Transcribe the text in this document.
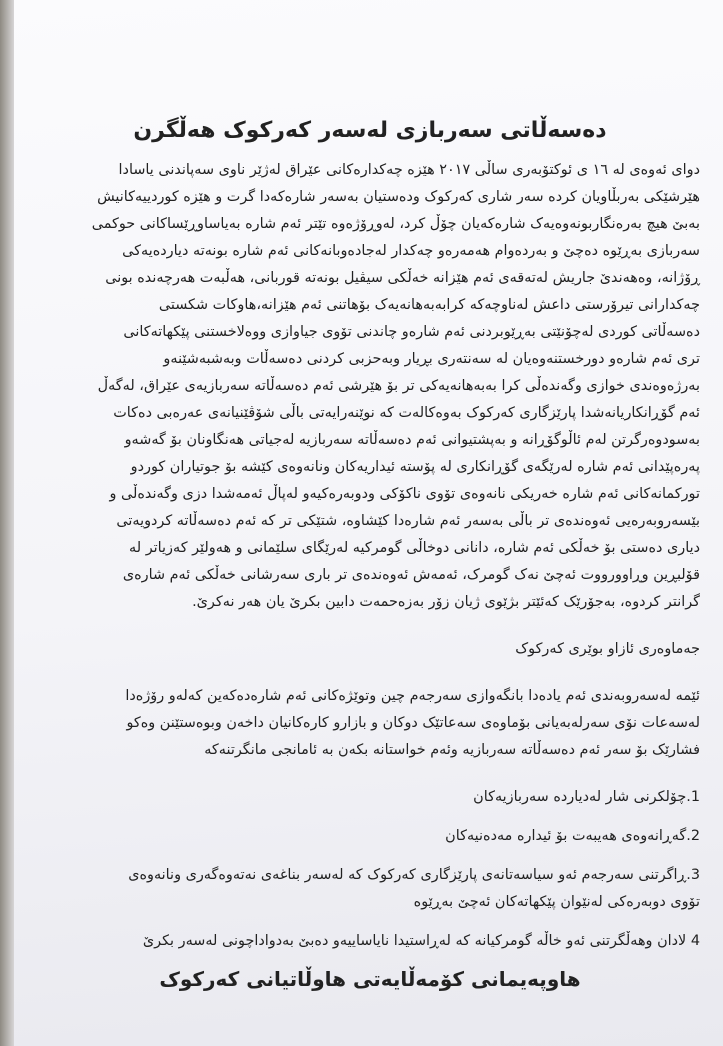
دەسەڵاتی سەربازی لەسەر کەرکوک هەڵگرن
دوای ئەوەی لە ١٦ ی ئوکتۆبەری ساڵی ٢٠١٧ هێزە چەکدارەکانی عێراق لەژێر ناوی سەپاندنی یاسادا
هێرشێکی بەربڵاویان کردە سەر شاری کەرکوک ودەستیان بەسەر شارەکەدا گرت و هێزە کوردییەکانیش
بەبێ هیچ بەرەنگاربونەوەیەک شارەکەیان چۆڵ کرد، لەوڕۆژەوە تێتر ئەم شارە بەیاساوڕێساکانی حوکمی
سەربازی بەڕێوە دەچێ و بەردەوام هەمەرەو چەکدار لەجادەوبانەکانی ئەم شارە بونەتە دیاردەیەکی
ڕۆژانە، وەهەندێ جاریش لەتەقەی ئەم هێزانە خەڵکی سیڤیل بونەتە قوربانی، هەڵبەت هەرچەندە بونی
چەکدارانی تیرۆرستی داعش لەناوچەکە کرابەبەهانەیەک بۆهاتنی ئەم هێزانە،هاوکات شکستی
دەسەڵاتی کوردی لەچۆنێتی بەڕێوبردنی ئەم شارەو چاندنی تۆوی جیاوازی ووەلاخستنی پێکهاتەکانی
تری ئەم شارەو دورخستنەوەیان لە سەنتەری بڕیار وبەحزبی کردنی دەسەڵات وبەشبەشێنەو
بەرژەوەندی خوازی وگەندەڵی کرا بەبەهانەیەکی تر بۆ هێرشی ئەم دەسەڵاتە سەربازیەی عێراق، لەگەڵ
ئەم گۆڕانکاریانەشدا پارێزگاری کەرکوک بەوەکالەت کە نوێنەرایەتی باڵی شۆڤێنیانەی عەرەبی دەکات
بەسودوەرگرتن لەم ئاڵوگۆڕانە و بەپشتیوانی ئەم دەسەڵاتە سەربازیە لەجیاتی هەنگاونان بۆ گەشەو
پەرەپێدانی ئەم شارە لەرێگەی گۆڕانکاری لە پۆستە ئیداریەکان ونانەوەی کێشە بۆ جوتیاران کوردو
تورکمانەکانی ئەم شارە خەریکی نانەوەی تۆوی ناکۆکی ودوبەرەکیەو لەپاڵ ئەمەشدا دزی وگەندەڵی و
بێسەروبەرەیی ئەوەندەی تر باڵی بەسەر ئەم شارەدا کێشاوە، شتێکی تر کە ئەم دەسەڵاتە کردویەتی
دیاری دەستی بۆ خەڵکی ئەم شارە، دانانی دوخاڵی گومرکیە لەرێگای سلێمانی و هەولێر کەزیاتر لە
قۆلبڕین وڕاوورووت ئەچێ نەک گومرک، ئەمەش ئەوەندەی تر باری سەرشانی خەڵکی ئەم شارەی
گرانتر کردوە، بەجۆرێک کەئێتر بژێوی ژیان زۆر بەزەحمەت دابین بکرێ یان هەر نەکرێ.
جەماوەری ئازاو بوێری کەرکوک
ئێمە لەسەروبەندی ئەم یادەدا بانگەوازی سەرجەم چین وتوێژەکانی ئەم شارەدەکەین کەلەو رۆژەدا
لەسەعات نۆی سەرلەبەیانی بۆماوەی سەعاتێک دوکان و بازارو کارەکانیان داخەن وبوەستێنن وەکو
فشارێک بۆ سەر ئەم دەسەڵاتە سەربازیە وئەم خواستانە بکەن بە ئامانجی مانگرتنەکە
1.چۆلکرنی شار لەدیاردە سەربازیەکان
2.گەڕانەوەی هەیبەت بۆ ئیدارە مەدەنیەکان
3.ڕاگرتنی سەرجەم ئەو سیاسەتانەی پارێزگاری کەرکوک کە لەسەر بناغەی نەتەوەگەری ونانەوەی
تۆوی دوبەرەکی لەنێوان پێکهاتەکان ئەچێ بەڕێوە
4 لادان وهەڵگرتنی ئەو خاڵە گومرکیانە کە لەڕاستیدا نایاساییەو دەبێ بەدواداچونی لەسەر بکرێ
هاوپەیمانی کۆمەڵایەتی هاوڵاتیانی کەرکوک
